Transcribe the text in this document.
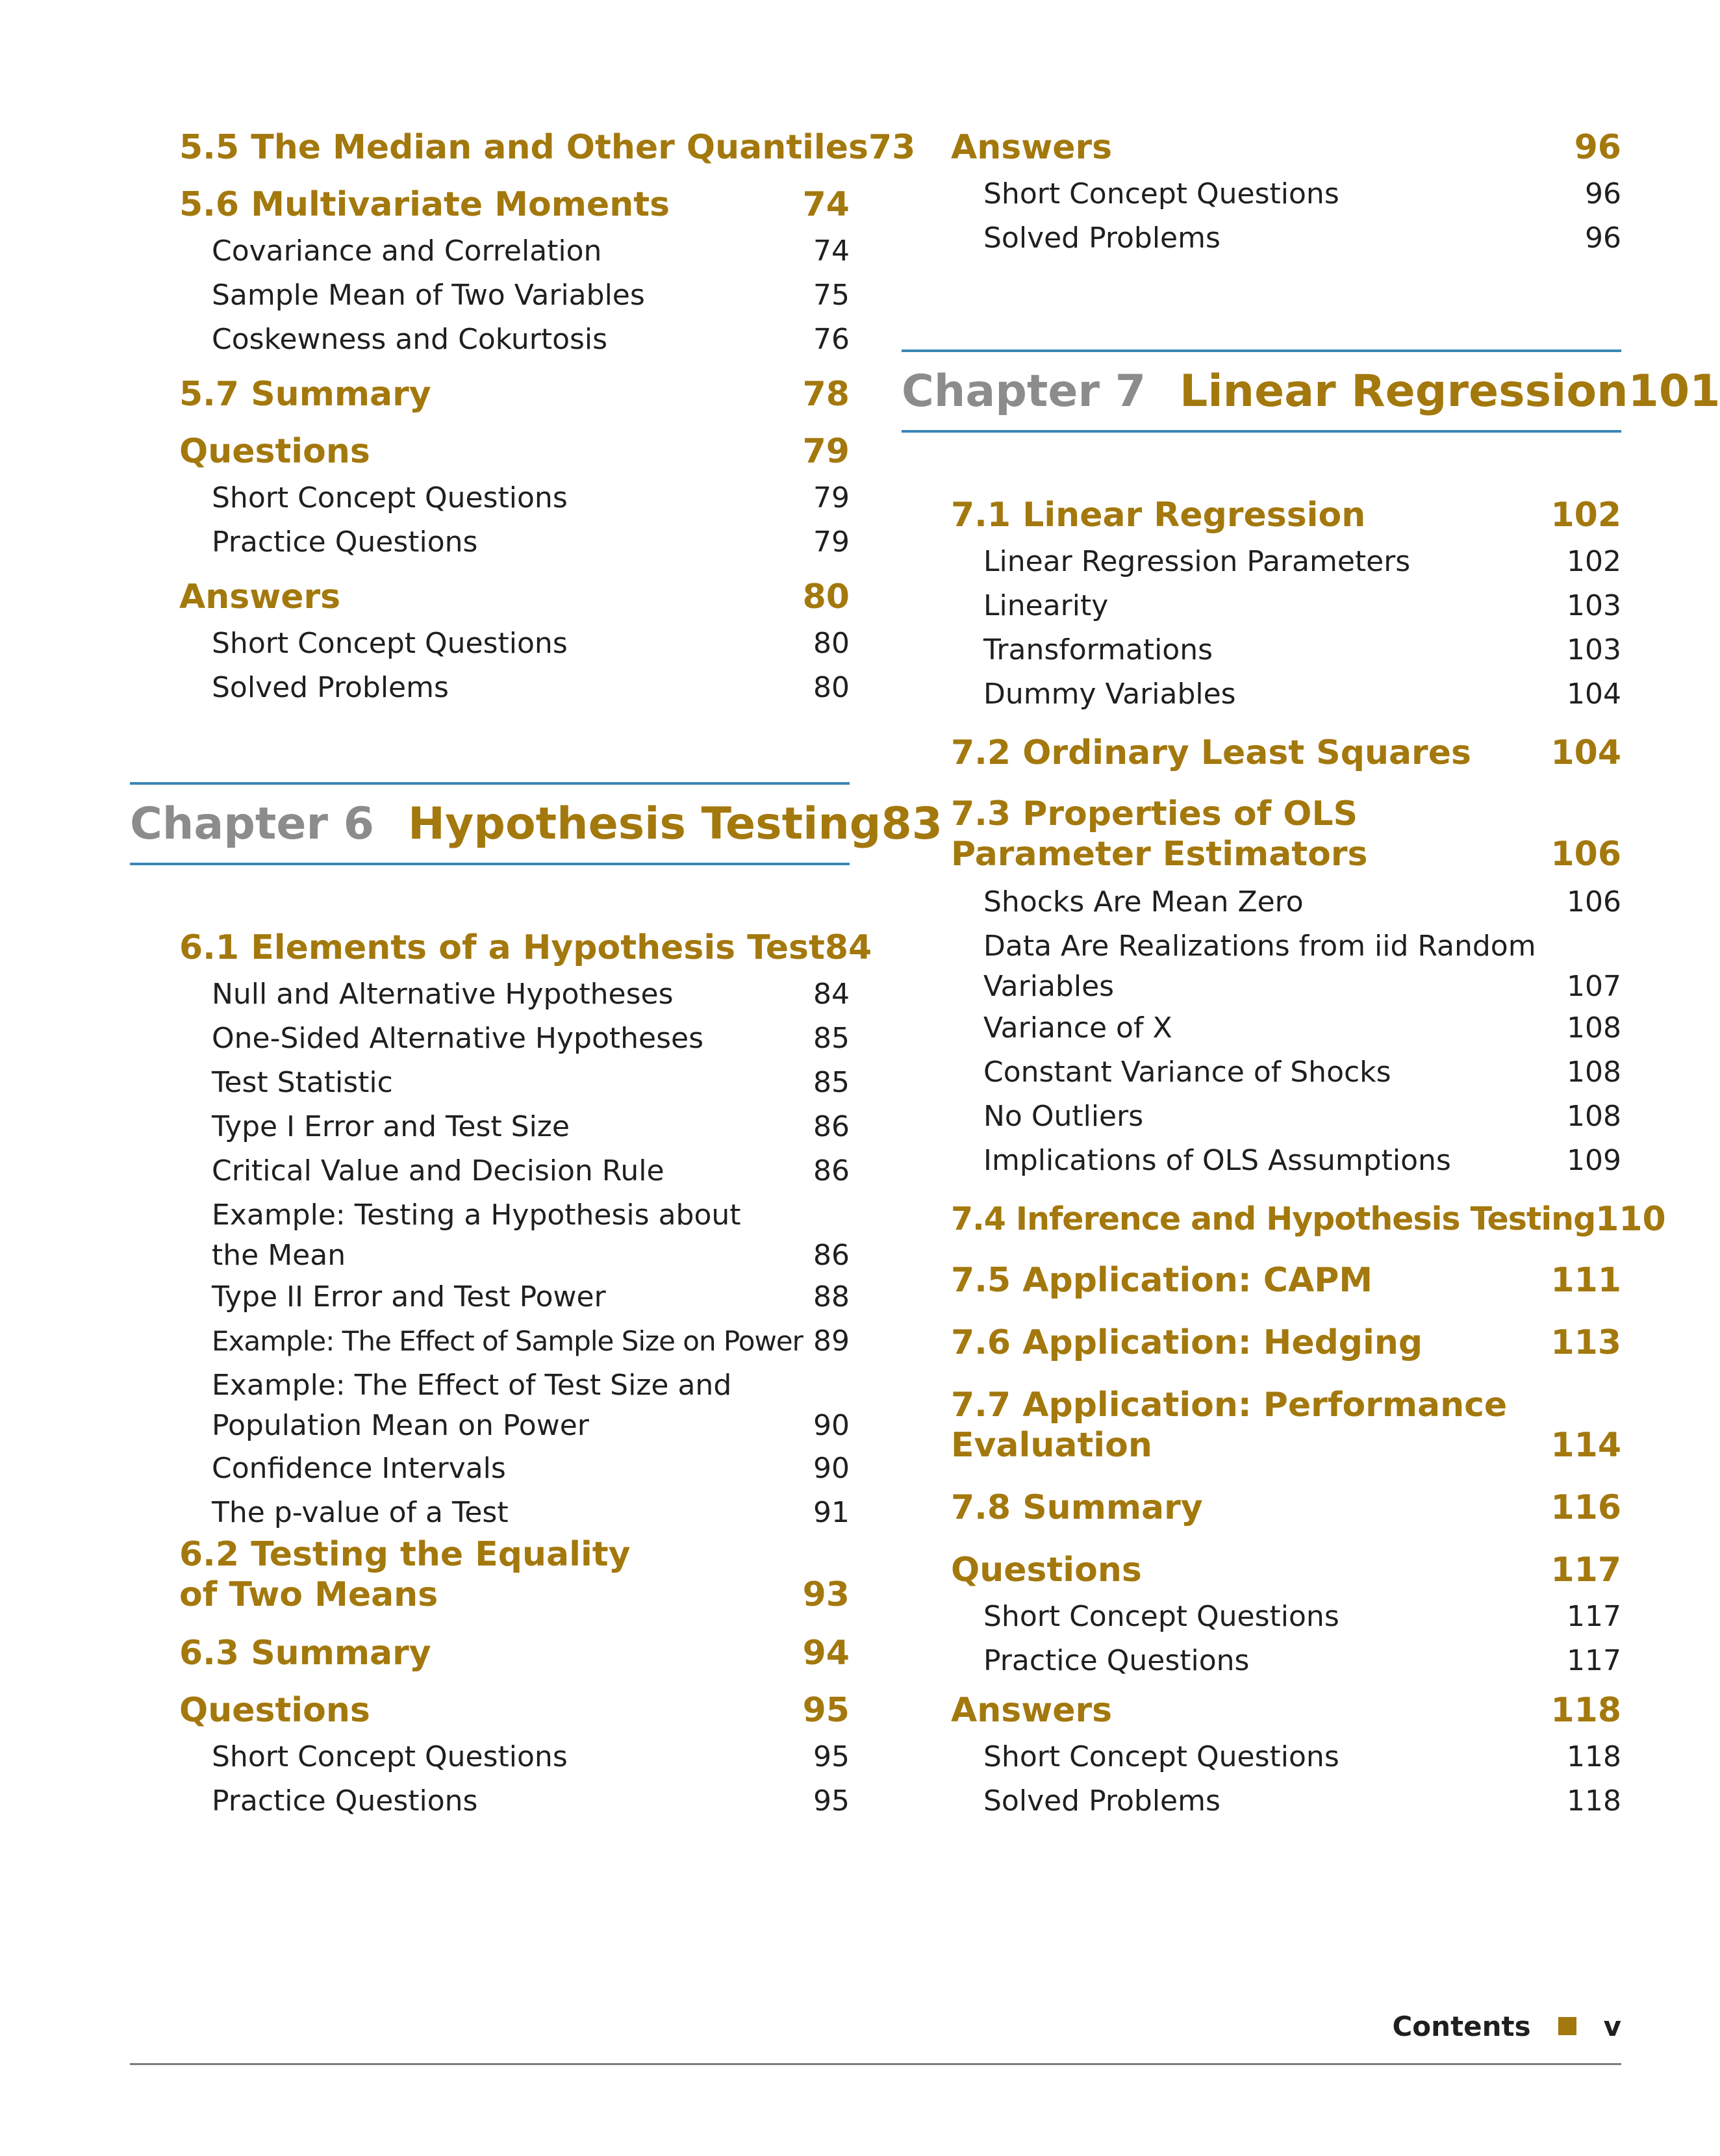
5.5 The Median and Other Quantiles 73
5.6 Multivariate Moments	74
Covariance and Correlation	74
Sample Mean of Two Variables	75
Coskewness and Cokurtosis	76
5.7 Summary	78
Questions	79
Short Concept Questions	79
Practice Questions	79
Answers	80
Short Concept Questions	80
Solved Problems	80
Chapter 6 Hypothesis Testing 83
6.1 Elements of a Hypothesis Test 84
Null and Alternative Hypotheses	84
One-Sided Alternative Hypotheses	85
Test Statistic	85
Type I Error and Test Size	86
Critical Value and Decision Rule	86
Example: Testing a Hypothesis about the Mean	86
Type II Error and Test Power	88
Example: The Effect of Sample Size on Power 89
Example: The Effect of Test Size and Population Mean on Power	90
Confidence Intervals	90
The p-value of a Test	91
6.2 Testing the Equality of Two Means	93
6.3 Summary	94
Questions	95
Short Concept Questions	95
Practice Questions	95
Answers	96
Short Concept Questions	96
Solved Problems	96
Chapter 7 Linear Regression 101
7.1 Linear Regression	102
Linear Regression Parameters	102
Linearity	103
Transformations	103
Dummy Variables	104
7.2 Ordinary Least Squares 104
7.3 Properties of OLS Parameter Estimators	106
Shocks Are Mean Zero	106
Data Are Realizations from iid Random Variables	107
Variance of X	108
Constant Variance of Shocks	108
No Outliers	108
Implications of OLS Assumptions	109
7.4 Inference and Hypothesis Testing 110
7.5 Application: CAPM	111
7.6 Application: Hedging	113
7.7 Application: Performance Evaluation	114
7.8 Summary	116
Questions	117
Short Concept Questions	117
Practice Questions	117
Answers	118
Short Concept Questions	118
Solved Problems	118
Contents	v
